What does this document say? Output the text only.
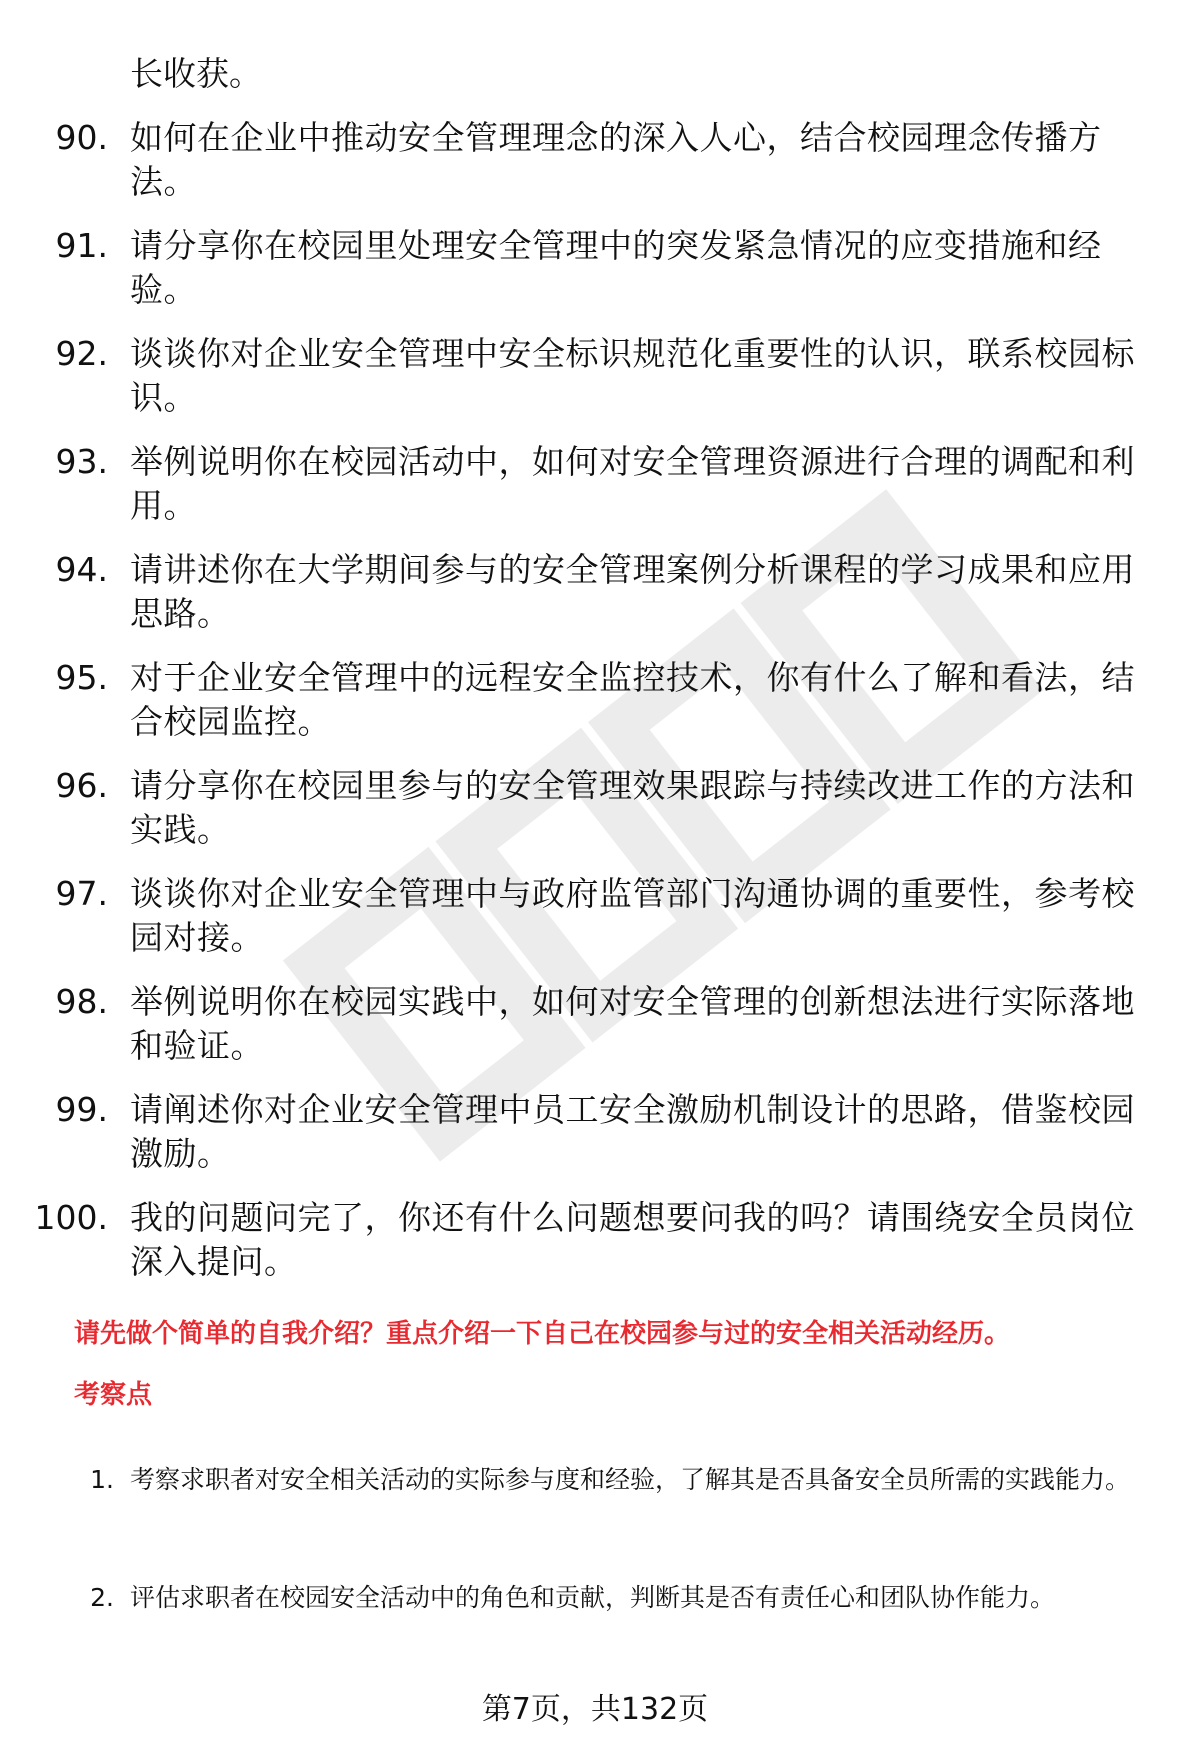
长收获。
90. 如何在企业中推动安全管理理念的深入人心，结合校园理念传播方法。
91. 请分享你在校园里处理安全管理中的突发紧急情况的应变措施和经验。
92. 谈谈你对企业安全管理中安全标识规范化重要性的认识，联系校园标识。
93. 举例说明你在校园活动中，如何对安全管理资源进行合理的调配和利用。
94. 请讲述你在大学期间参与的安全管理案例分析课程的学习成果和应用思路。
95. 对于企业安全管理中的远程安全监控技术，你有什么了解和看法，结合校园监控。
96. 请分享你在校园里参与的安全管理效果跟踪与持续改进工作的方法和实践。
97. 谈谈你对企业安全管理中与政府监管部门沟通协调的重要性，参考校园对接。
98. 举例说明你在校园实践中，如何对安全管理的创新想法进行实际落地和验证。
99. 请阐述你对企业安全管理中员工安全激励机制设计的思路，借鉴校园激励。
100. 我的问题问完了，你还有什么问题想要问我的吗？请围绕安全员岗位深入提问。
请先做个简单的自我介绍？重点介绍一下自己在校园参与过的安全相关活动经历。
考察点
1. 考察求职者对安全相关活动的实际参与度和经验，了解其是否具备安全员所需的实践能力。
2. 评估求职者在校园安全活动中的角色和贡献，判断其是否有责任心和团队协作能力。
第7页，共132页
